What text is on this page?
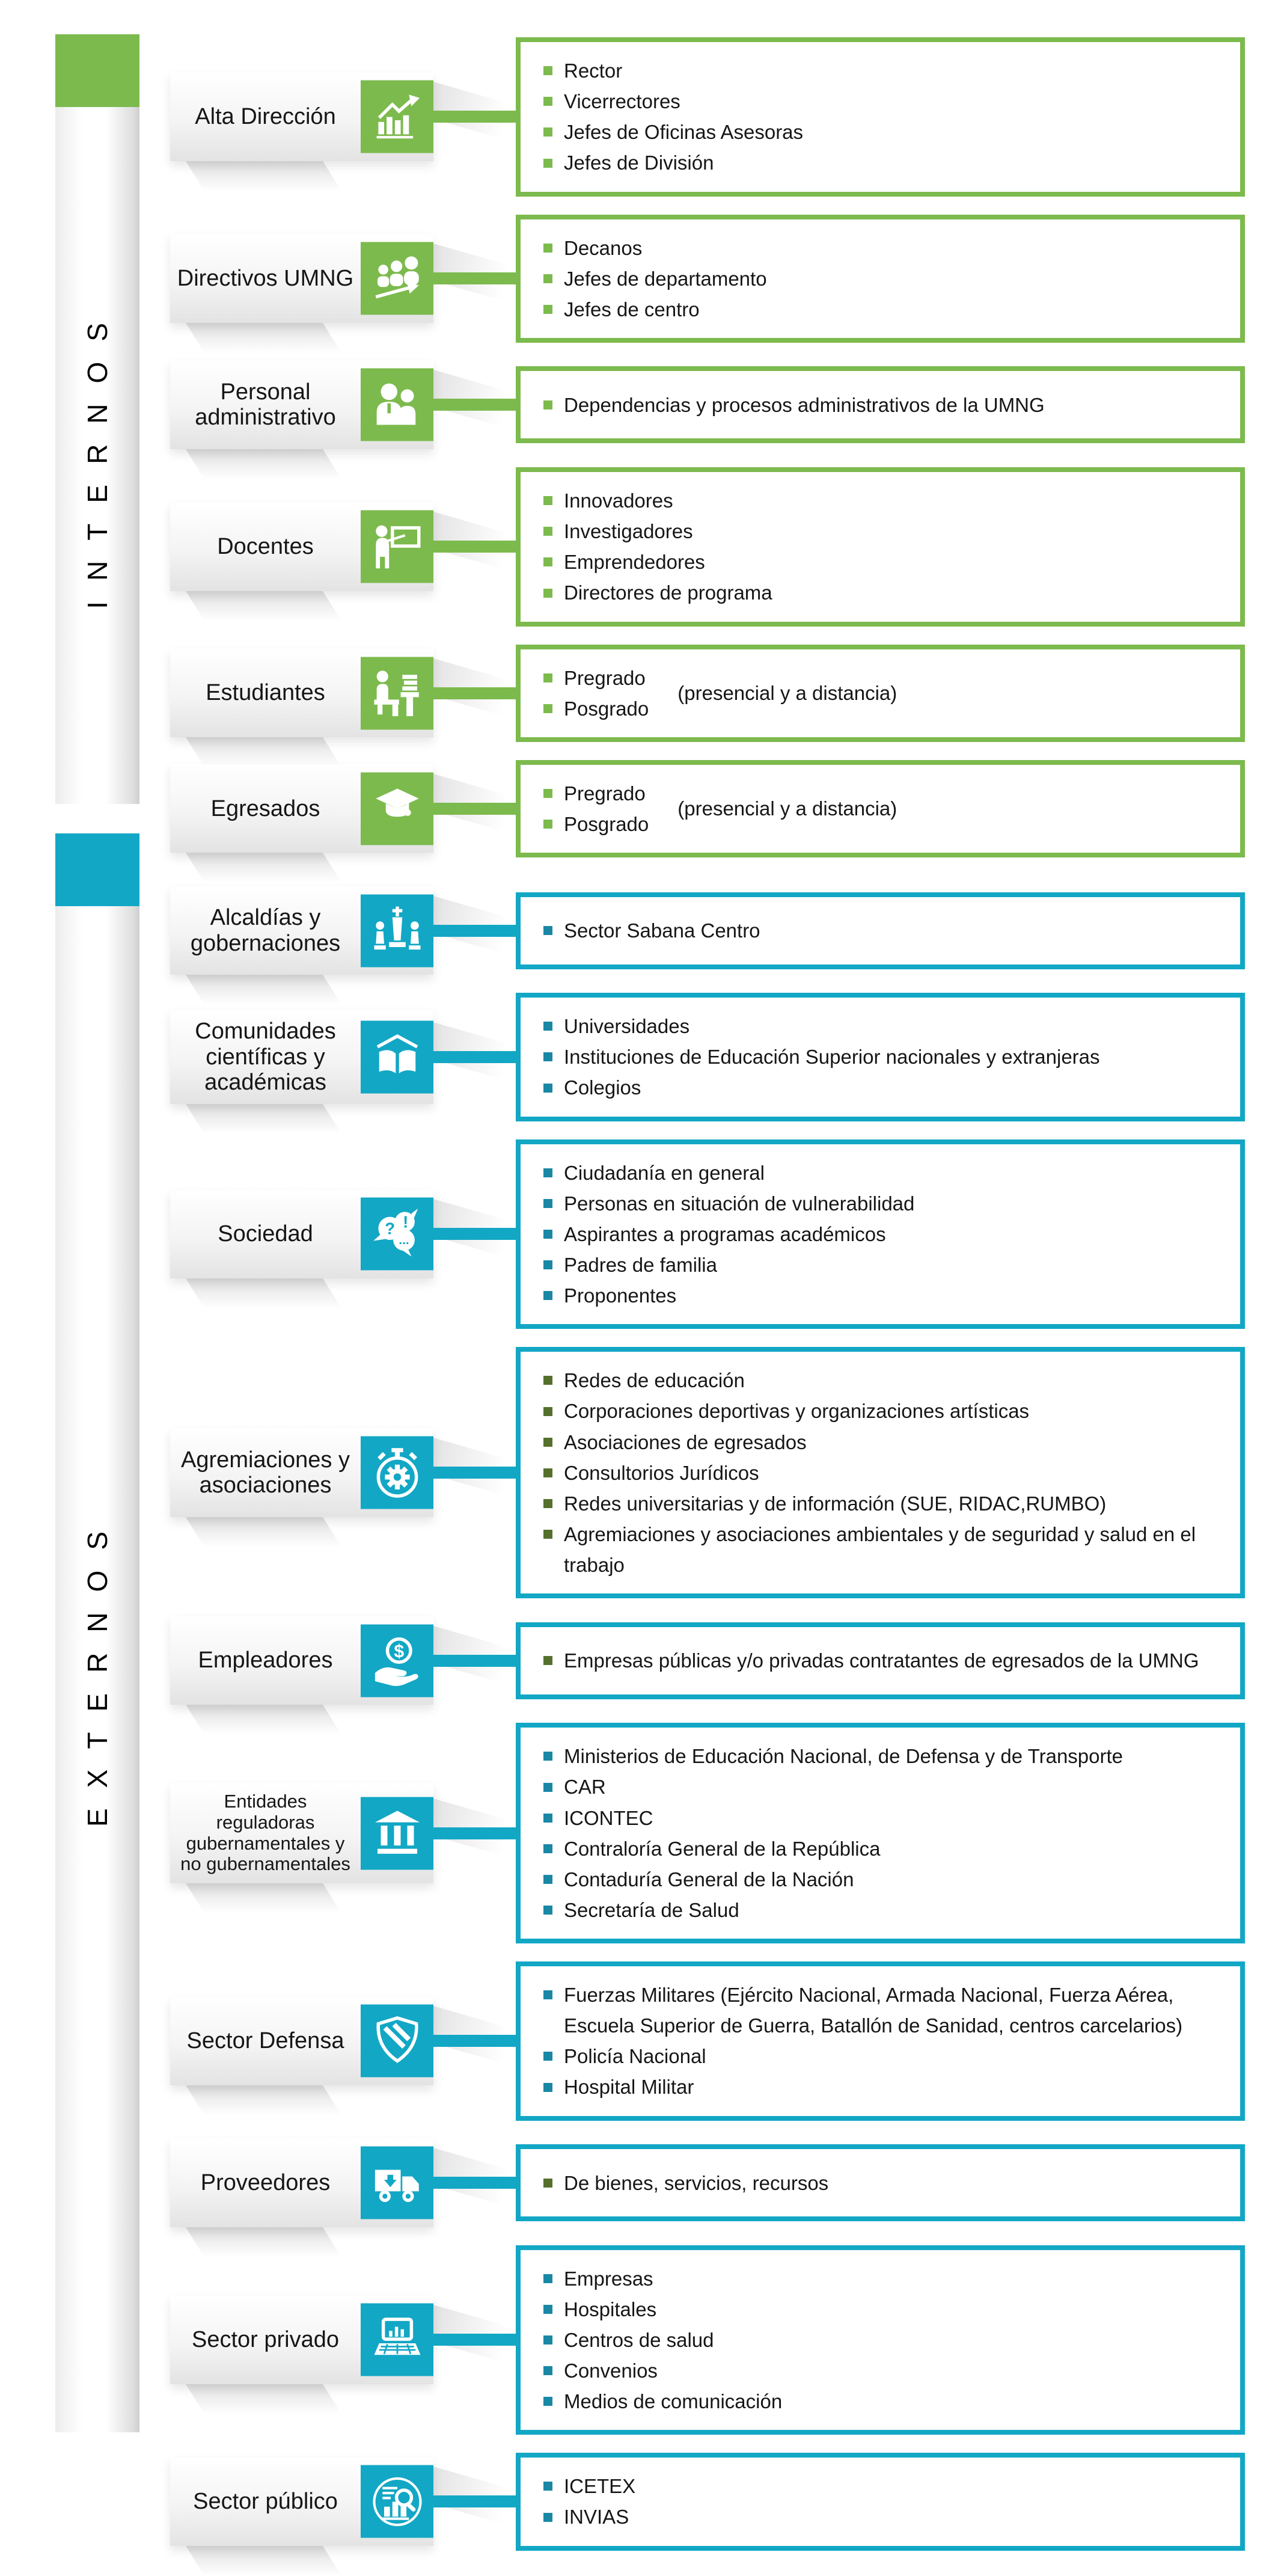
INTERNOS
EXTERNOS
Alta Dirección
Rector
Vicerrectores
Jefes de Oficinas Asesoras
Jefes de División
Directivos UMNG
Decanos
Jefes de departamento
Jefes de centro
Personal administrativo
Dependencias y procesos administrativos de la UMNG
Docentes
Innovadores
Investigadores
Emprendedores
Directores de programa
Estudiantes
Pregrado
Posgrado
(presencial y a distancia)
Egresados
Pregrado
Posgrado
(presencial y a distancia)
Alcaldías y gobernaciones
Sector Sabana Centro
Comunidades científicas y académicas
Universidades
Instituciones de Educación Superior nacionales y extranjeras
Colegios
Sociedad
Ciudadanía en general
Personas en situación de vulnerabilidad
Aspirantes a programas académicos
Padres de familia
Proponentes
Agremiaciones y asociaciones
Redes de educación
Corporaciones deportivas y organizaciones artísticas
Asociaciones de egresados
Consultorios Jurídicos
Redes universitarias y de información (SUE, RIDAC,RUMBO)
Agremiaciones y asociaciones ambientales y de seguridad y salud en el trabajo
Empleadores	Empresas públicas y/o privadas contratantes de egresados de la UMNG
Entidades reguladoras gubernamentales y no gubernamentales
Ministerios de Educación Nacional, de Defensa y de Transporte
CAR
ICONTEC
Contraloría General de la República
Contaduría General de la Nación
Secretaría de Salud
Sector Defensa
Fuerzas Militares (Ejército Nacional, Armada Nacional, Fuerza Aérea, Escuela Superior de Guerra, Batallón de Sanidad, centros carcelarios)
Policía Nacional
Hospital Militar
Proveedores	De bienes, servicios, recursos
Sector privado
Empresas
Hospitales
Centros de salud
Convenios
Medios de comunicación
Sector público
ICETEX
INVIAS
